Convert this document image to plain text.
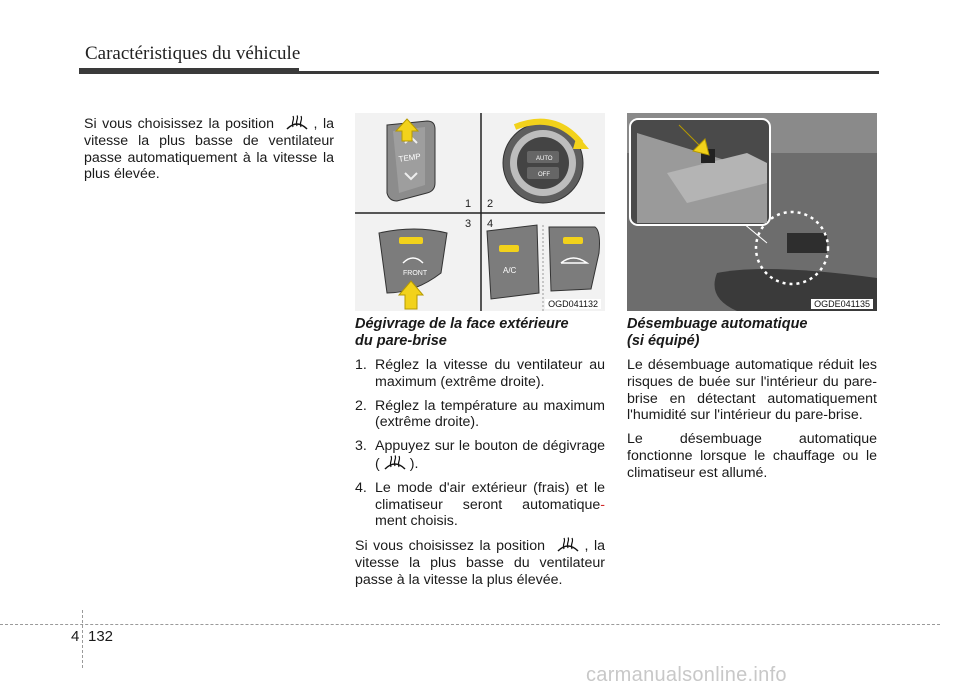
Caractéristiques du véhicule
Si vous choisissez la position	, la vitesse la plus basse de ventilateur passe automatiquement à la vitesse la plus élevée.
TEMP	AUTO
OFF
1 2
3 4
FRONT	A/C
OGD041132	OGDE041135
Dégivrage de la face extérieure
du pare-brise
1. Réglez la vitesse du ventilateur au maximum (extrême droite).
2. Réglez la température au maximum (extrême droite).
3. Appuyez sur le bouton de dégivrage ( ).
4. Le mode d'air extérieur (frais) et le climatiseur seront automatique- ment choisis.
Si vous choisissez la position	, la vitesse la plus basse du ventilateur passe à la vitesse la plus élevée.
Désembuage automatique
(si équipé)

Le désembuage automatique réduit les risques de buée sur l'intérieur du pare-brise en détectant automatiquement l'humidité sur l'intérieur du pare-brise.

Le désembuage automatique fonctionne lorsque le chauffage ou le climatiseur est allumé.

4 132
carmanualsonline.info
